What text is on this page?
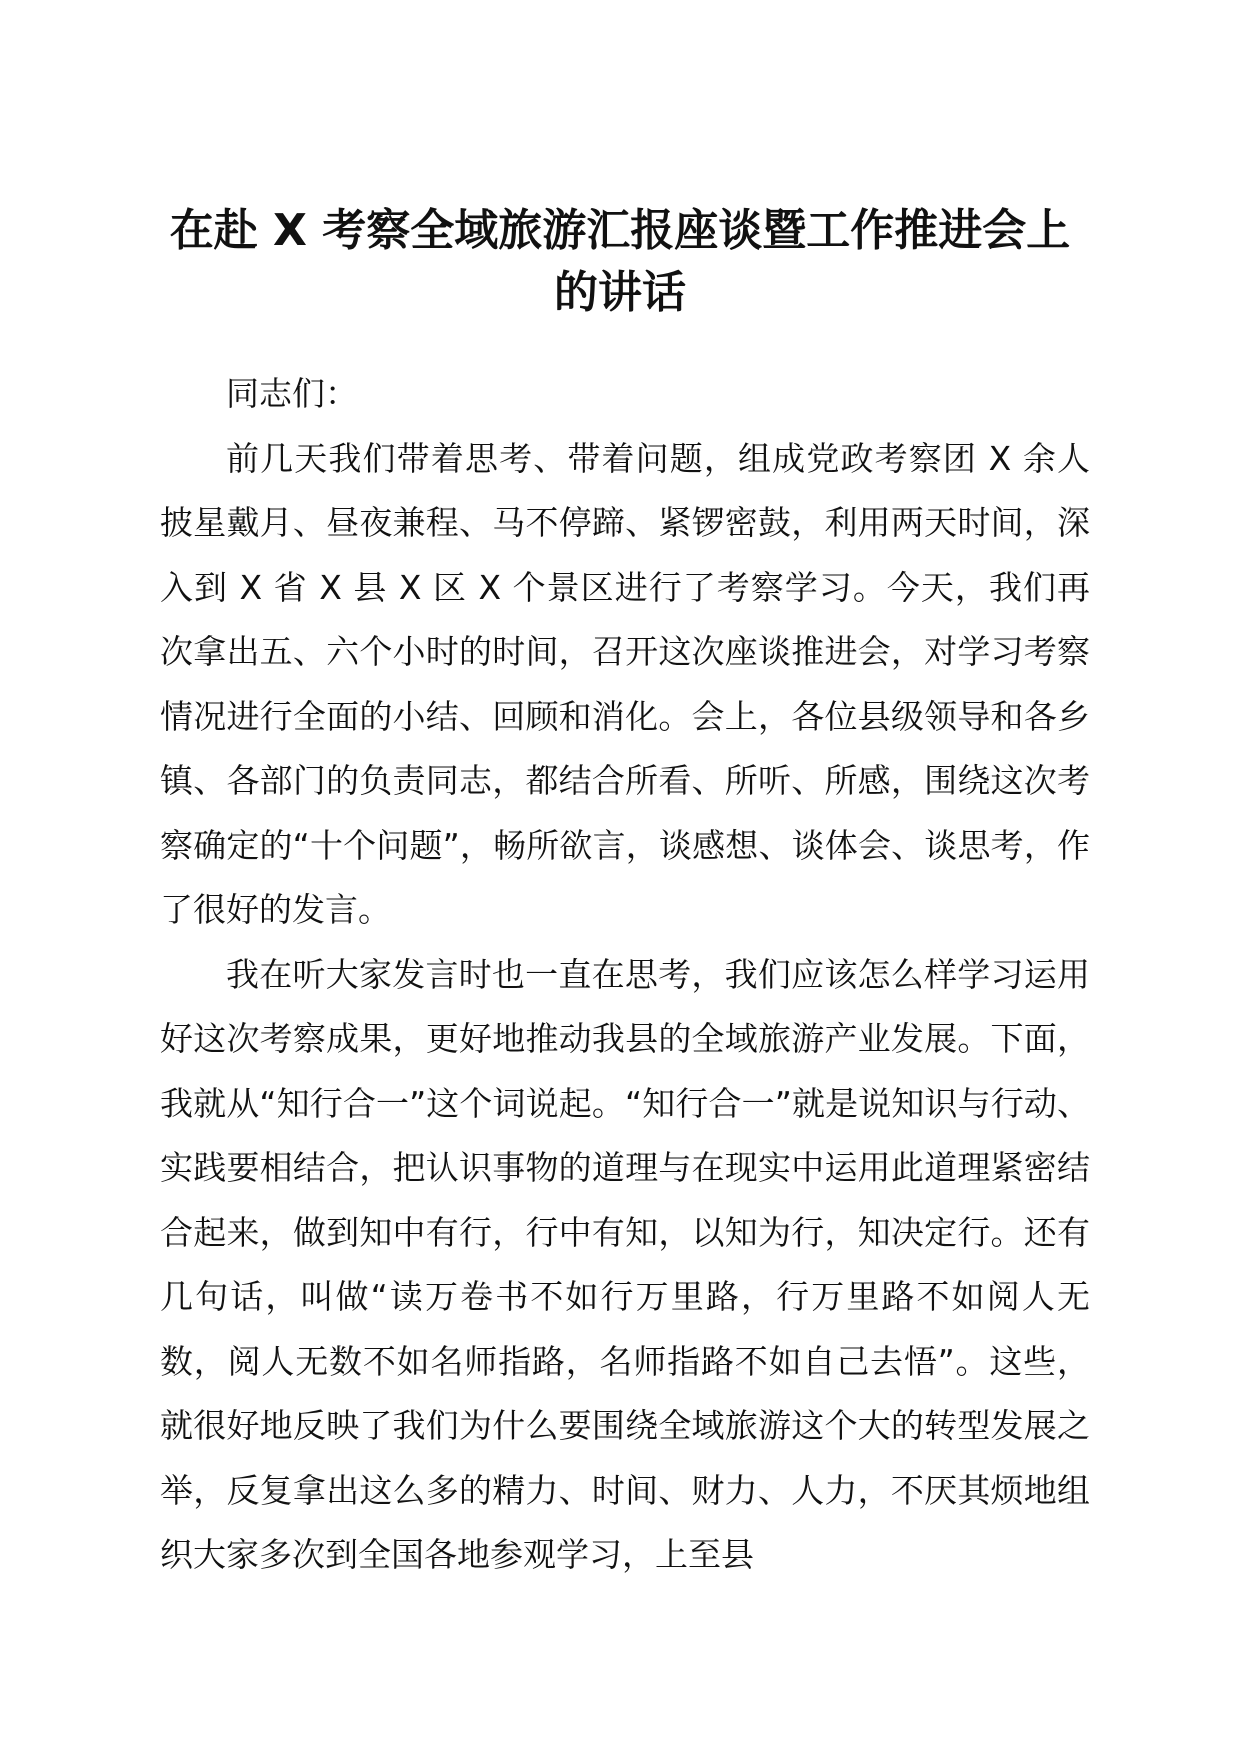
在赴 X 考察全域旅游汇报座谈暨工作推进会上的讲话

同志们：

前几天我们带着思考、带着问题，组成党政考察团 X 余人披星戴月、昼夜兼程、马不停蹄、紧锣密鼓，利用两天时间，深入到 X 省 X 县 X 区 X 个景区进行了考察学习。今天，我们再次拿出五、六个小时的时间，召开这次座谈推进会，对学习考察情况进行全面的小结、回顾和消化。会上，各位县级领导和各乡镇、各部门的负责同志，都结合所看、所听、所感，围绕这次考察确定的“十个问题”，畅所欲言，谈感想、谈体会、谈思考，作了很好的发言。

我在听大家发言时也一直在思考，我们应该怎么样学习运用好这次考察成果，更好地推动我县的全域旅游产业发展。下面，我就从“知行合一”这个词说起。“知行合一”就是说知识与行动、实践要相结合，把认识事物的道理与在现实中运用此道理紧密结合起来，做到知中有行，行中有知，以知为行，知决定行。还有几句话，叫做“读万卷书不如行万里路，行万里路不如阅人无数，阅人无数不如名师指路，名师指路不如自己去悟”。这些，就很好地反映了我们为什么要围绕全域旅游这个大的转型发展之举，反复拿出这么多的精力、时间、财力、人力，不厌其烦地组织大家多次到全国各地参观学习，上至县
